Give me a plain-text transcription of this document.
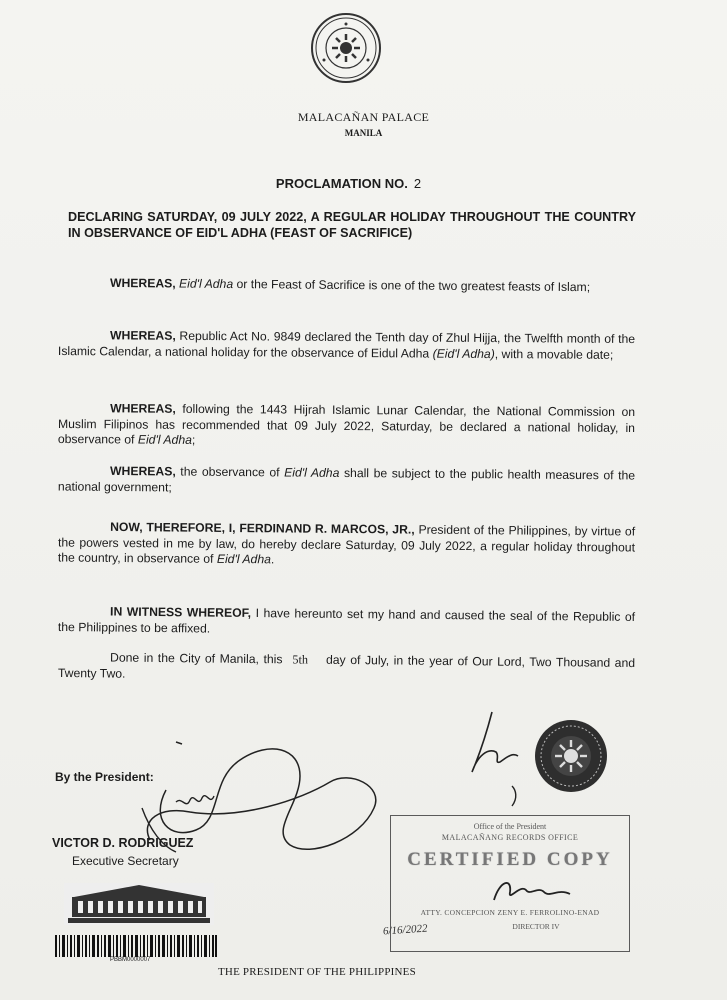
MALACAÑAN PALACE
MANILA
PROCLAMATION NO. 2
DECLARING SATURDAY, 09 JULY 2022, A REGULAR HOLIDAY THROUGHOUT THE COUNTRY IN OBSERVANCE OF EID'L ADHA (FEAST OF SACRIFICE)
WHEREAS, Eid'l Adha or the Feast of Sacrifice is one of the two greatest feasts of Islam;
WHEREAS, Republic Act No. 9849 declared the Tenth day of Zhul Hijja, the Twelfth month of the Islamic Calendar, a national holiday for the observance of Eidul Adha (Eid'l Adha), with a movable date;
WHEREAS, following the 1443 Hijrah Islamic Lunar Calendar, the National Commission on Muslim Filipinos has recommended that 09 July 2022, Saturday, be declared a national holiday, in observance of Eid'l Adha;
WHEREAS, the observance of Eid'l Adha shall be subject to the public health measures of the national government;
NOW, THEREFORE, I, FERDINAND R. MARCOS, JR., President of the Philippines, by virtue of the powers vested in me by law, do hereby declare Saturday, 09 July 2022, a regular holiday throughout the country, in observance of Eid'l Adha.
IN WITNESS WHEREOF, I have hereunto set my hand and caused the seal of the Republic of the Philippines to be affixed.
Done in the City of Manila, this 5th day of July, in the year of Our Lord, Two Thousand and Twenty Two.
By the President:
VICTOR D. RODRIGUEZ
Executive Secretary
PBBM0000007
THE PRESIDENT OF THE PHILIPPINES
Office of the President
MALACAÑANG RECORDS OFFICE
CERTIFIED COPY
ATTY. CONCEPCION ZENY E. FERROLINO-ENAD
DIRECTOR IV
6/16/2022
